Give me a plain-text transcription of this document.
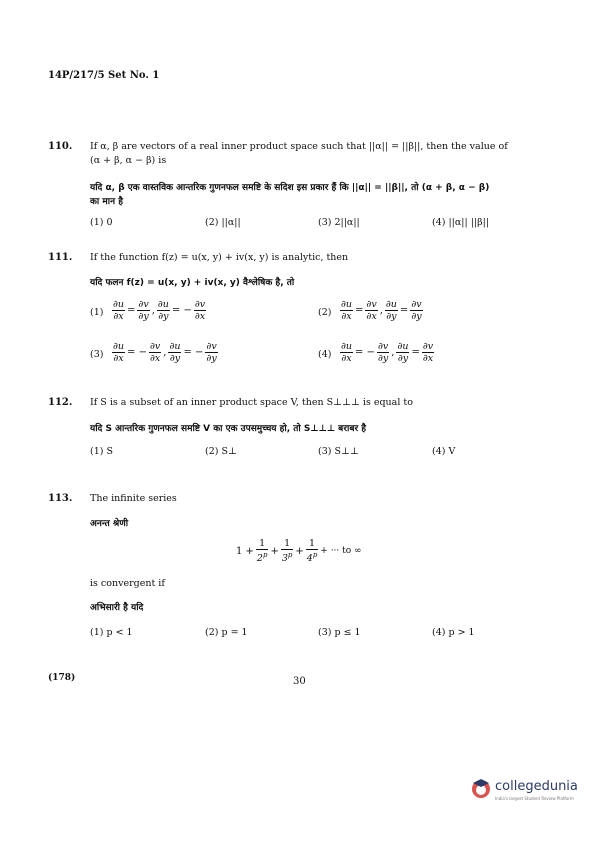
14P/217/5 Set No. 1
110. If α, β are vectors of a real inner product space such that ||α|| = ||β||, then the value of
(α + β, α − β) is
यदि α, β एक वास्तविक आन्तरिक गुणनफल समष्टि के सदिश इस प्रकार हैं कि ||α|| = ||β||, तो (α + β, α − β)
का मान है
(1) 0	(2) ||α||	(3) 2||α||	(4) ||α|| ||β||
111. If the function f(z) = u(x, y) + iv(x, y) is analytic, then
यदि फलन f(z) = u(x, y) + iv(x, y) वैश्लेषिक है, तो
$(1) \frac{\partial u}{\partial x} = \frac{\partial v}{\partial y}$ , $\frac{\partial u}{\partial y}$ = − $\frac{\partial v}{\partial x}$	$(2) \frac{\partial u}{\partial x} = \frac{\partial v}{\partial x}$ , $\frac{\partial u}{\partial y} = \frac{\partial v}{\partial y}$
$(3) \frac{\partial u}{\partial x}$ = − $\frac{\partial v}{\partial x}$ , $\frac{\partial u}{\partial y}$ = − $\frac{\partial v}{\partial y}$	$(4) \frac{\partial u}{\partial x}$ = − $\frac{\partial v}{\partial y}$ , $\frac{\partial u}{\partial y} = \frac{\partial v}{\partial x}$
112. If S is a subset of an inner product space V, then S⊥⊥⊥ is equal to
यदि S आन्तरिक गुणनफल समष्टि V का एक उपसमुच्चय हो, तो S⊥⊥⊥ बराबर है
(1) S	(2) S⊥	(3) S⊥⊥	(4) V
113. The infinite series
अनन्त श्रेणी
$1 + \frac{1}{2^p} + \frac{1}{3^p} + \frac{1}{4^p}$ + ··· to ∞
is convergent if
अभिसारी है यदि
(1) p < 1	(2) p = 1	(3) p ≤ 1	(4) p > 1
(178)	30
collegedunia
India's largest Student Review Platform
